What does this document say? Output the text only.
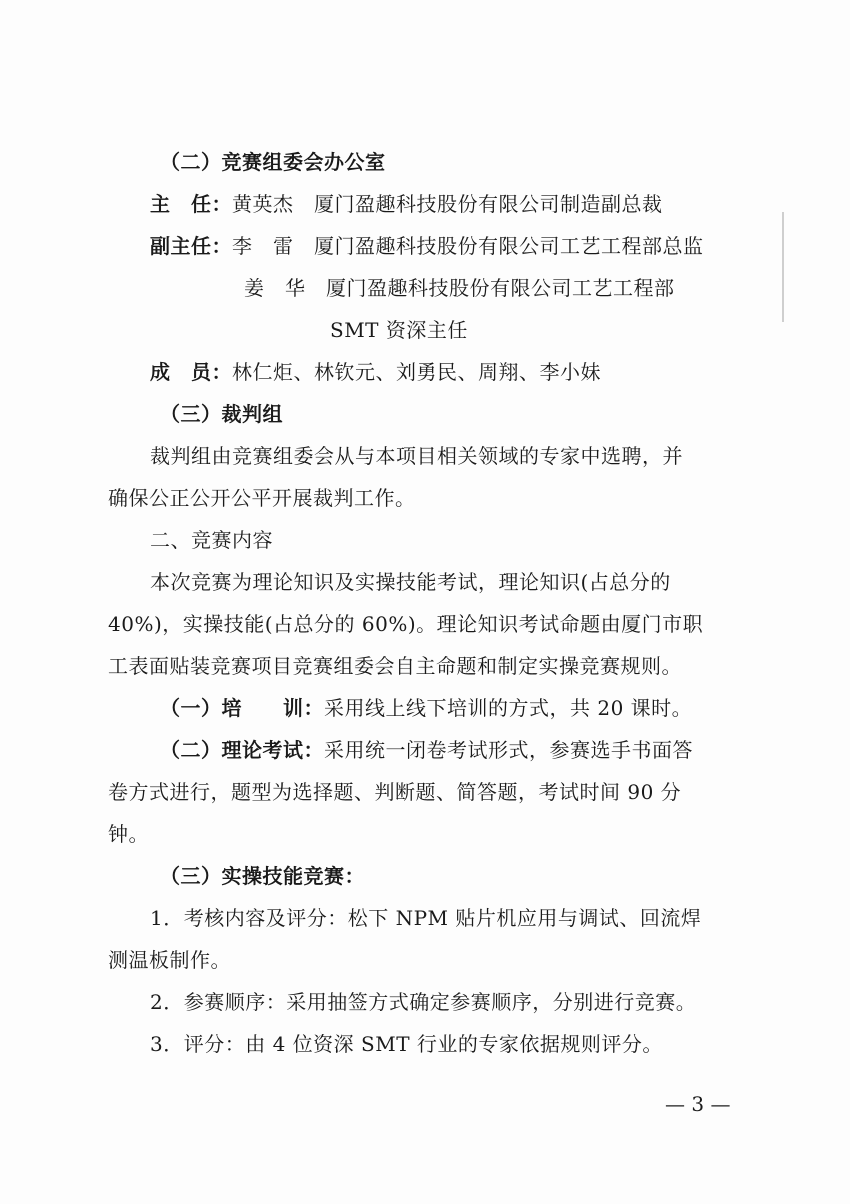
（二）竞赛组委会办公室
主　任：黄英杰　厦门盈趣科技股份有限公司制造副总裁
副主任：李　雷　厦门盈趣科技股份有限公司工艺工程部总监
姜　华　厦门盈趣科技股份有限公司工艺工程部
SMT 资深主任
成　员：林仁炬、林钦元、刘勇民、周翔、李小妹
（三）裁判组
裁判组由竞赛组委会从与本项目相关领域的专家中选聘，并
确保公正公开公平开展裁判工作。
二、竞赛内容
本次竞赛为理论知识及实操技能考试，理论知识(占总分的
40%)，实操技能(占总分的 60%)。理论知识考试命题由厦门市职
工表面贴装竞赛项目竞赛组委会自主命题和制定实操竞赛规则。
（一）培　　训：采用线上线下培训的方式，共 20 课时。
（二）理论考试：采用统一闭卷考试形式，参赛选手书面答
卷方式进行，题型为选择题、判断题、简答题，考试时间 90 分
钟。
（三）实操技能竞赛：
1．考核内容及评分：松下 NPM 贴片机应用与调试、回流焊
测温板制作。
2．参赛顺序：采用抽签方式确定参赛顺序，分别进行竞赛。
3．评分：由 4 位资深 SMT 行业的专家依据规则评分。
— 3 —
